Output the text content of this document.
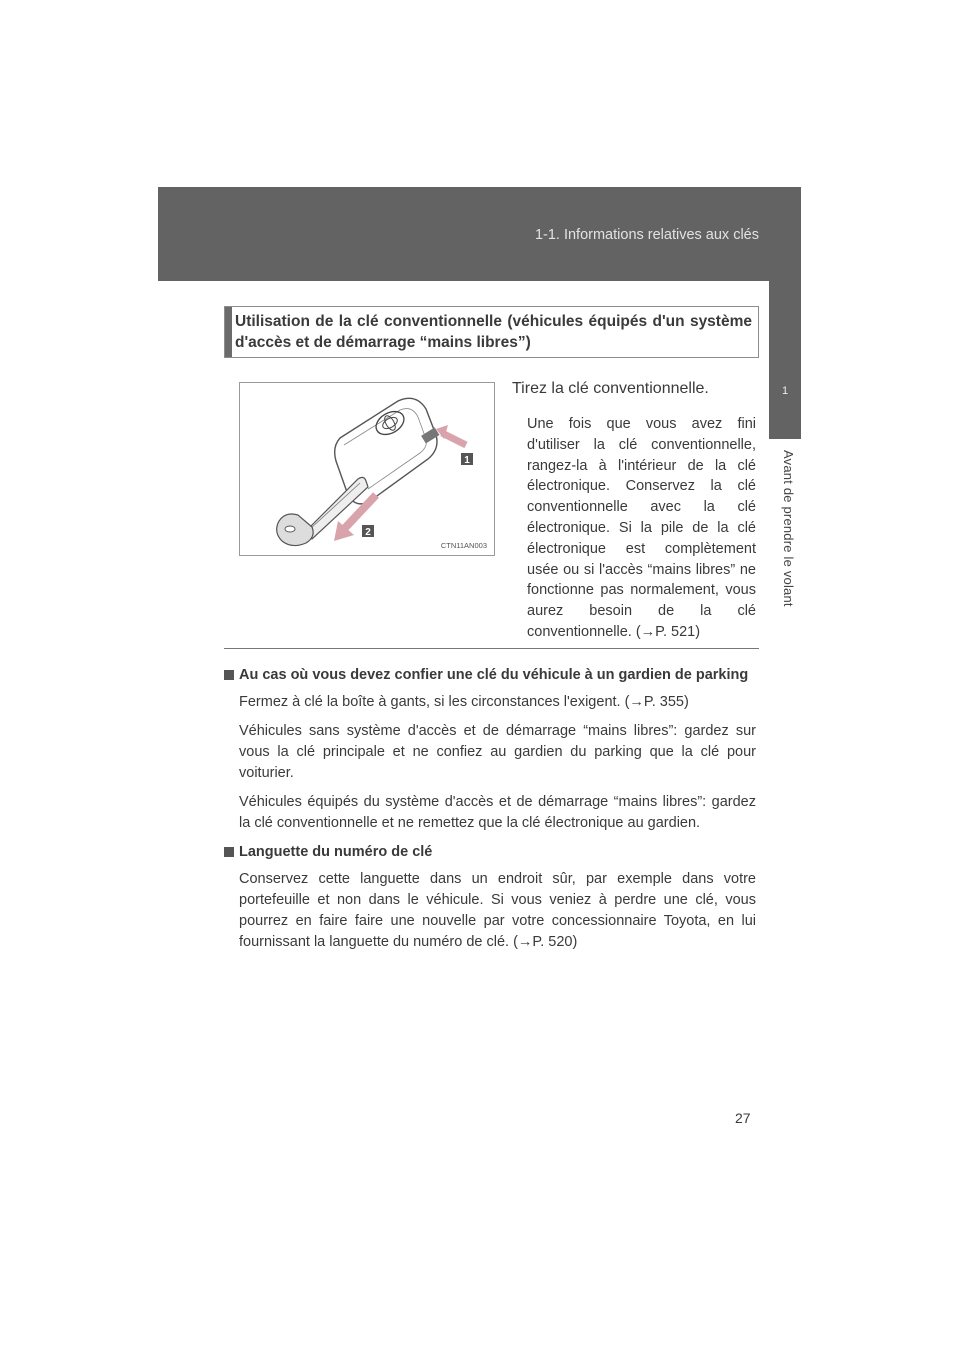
1-1. Informations relatives aux clés
1
Avant de prendre le volant
Utilisation de la clé conventionnelle (véhicules équipés d'un système d'accès et de démarrage “mains libres”)
1
2
CTN11AN003
Tirez la clé conventionnelle.
Une fois que vous avez fini d'utiliser la clé conventionnelle, rangez-la à l'intérieur de la clé électronique. Conservez la clé conventionnelle avec la clé électronique. Si la pile de la clé électronique est complètement usée ou si l'accès “mains libres” ne fonctionne pas normalement, vous aurez besoin de la clé conventionnelle. (→P. 521)
Au cas où vous devez confier une clé du véhicule à un gardien de parking
Fermez à clé la boîte à gants, si les circonstances l'exigent. (→P. 355)
Véhicules sans système d'accès et de démarrage “mains libres”: gardez sur vous la clé principale et ne confiez au gardien du parking que la clé pour voiturier.
Véhicules équipés du système d'accès et de démarrage “mains libres”: gardez la clé conventionnelle et ne remettez que la clé électronique au gardien.
Languette du numéro de clé
Conservez cette languette dans un endroit sûr, par exemple dans votre portefeuille et non dans le véhicule. Si vous veniez à perdre une clé, vous pourrez en faire faire une nouvelle par votre concessionnaire Toyota, en lui fournissant la languette du numéro de clé. (→P. 520)
27
